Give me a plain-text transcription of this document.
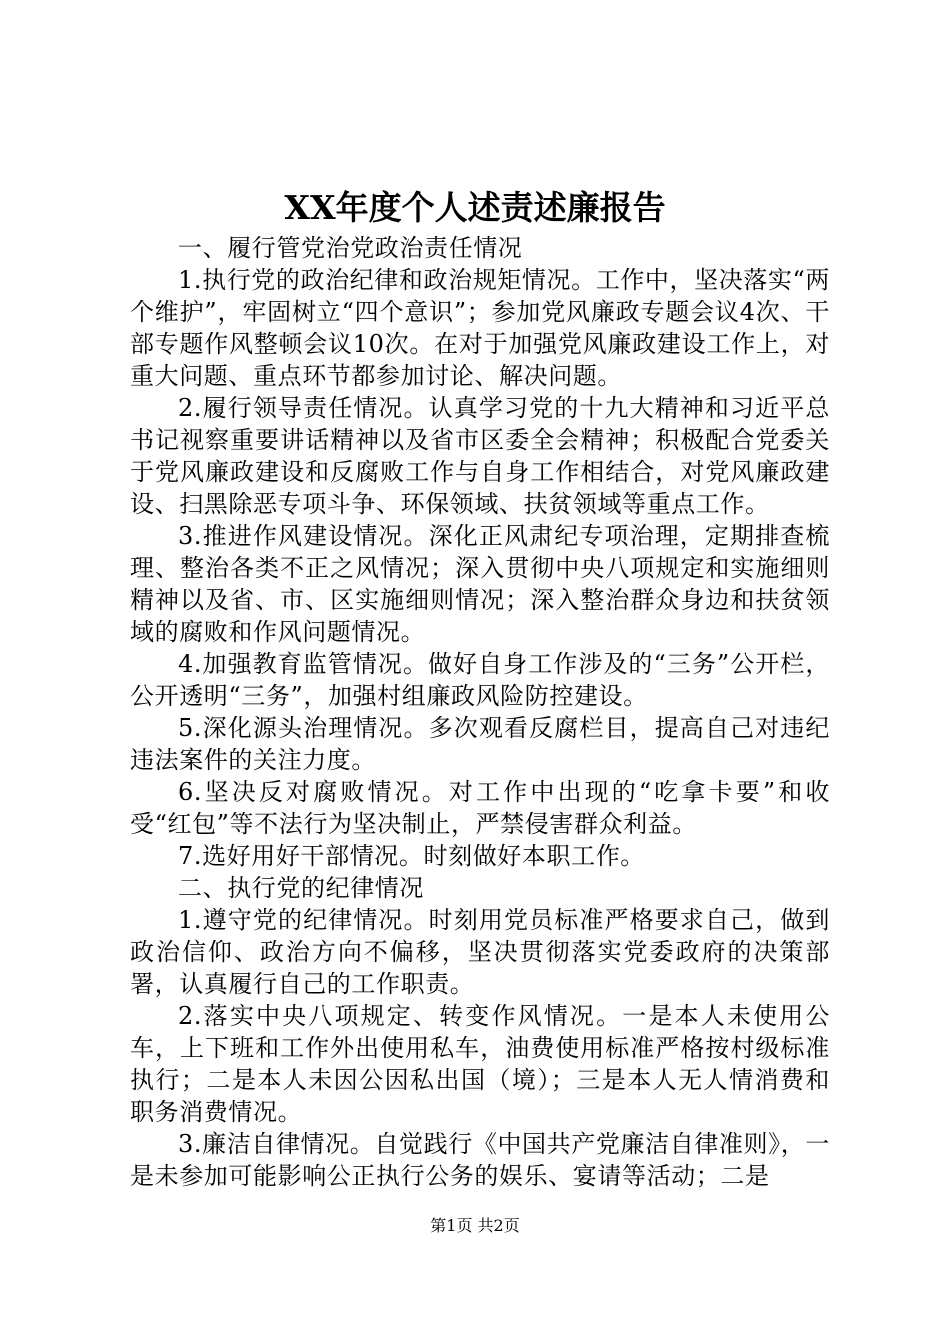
XX年度个人述责述廉报告

一、履行管党治党政治责任情况

1.执行党的政治纪律和政治规矩情况。工作中，坚决落实“两个维护”，牢固树立“四个意识”；参加党风廉政专题会议4次、干部专题作风整顿会议10次。在对于加强党风廉政建设工作上，对重大问题、重点环节都参加讨论、解决问题。

2.履行领导责任情况。认真学习党的十九大精神和习近平总书记视察重要讲话精神以及省市区委全会精神；积极配合党委关于党风廉政建设和反腐败工作与自身工作相结合，对党风廉政建设、扫黑除恶专项斗争、环保领域、扶贫领域等重点工作。

3.推进作风建设情况。深化正风肃纪专项治理，定期排查梳理、整治各类不正之风情况；深入贯彻中央八项规定和实施细则精神以及省、市、区实施细则情况；深入整治群众身边和扶贫领域的腐败和作风问题情况。

4.加强教育监管情况。做好自身工作涉及的“三务”公开栏，公开透明“三务”，加强村组廉政风险防控建设。

5.深化源头治理情况。多次观看反腐栏目，提高自己对违纪违法案件的关注力度。

6.坚决反对腐败情况。对工作中出现的“吃拿卡要”和收受“红包”等不法行为坚决制止，严禁侵害群众利益。

7.选好用好干部情况。时刻做好本职工作。

二、执行党的纪律情况

1.遵守党的纪律情况。时刻用党员标准严格要求自己，做到政治信仰、政治方向不偏移，坚决贯彻落实党委政府的决策部署，认真履行自己的工作职责。

2.落实中央八项规定、转变作风情况。一是本人未使用公车，上下班和工作外出使用私车，油费使用标准严格按村级标准执行；二是本人未因公因私出国（境）；三是本人无人情消费和职务消费情况。

3.廉洁自律情况。自觉践行《中国共产党廉洁自律准则》，一是未参加可能影响公正执行公务的娱乐、宴请等活动；二是

第1页 共2页
